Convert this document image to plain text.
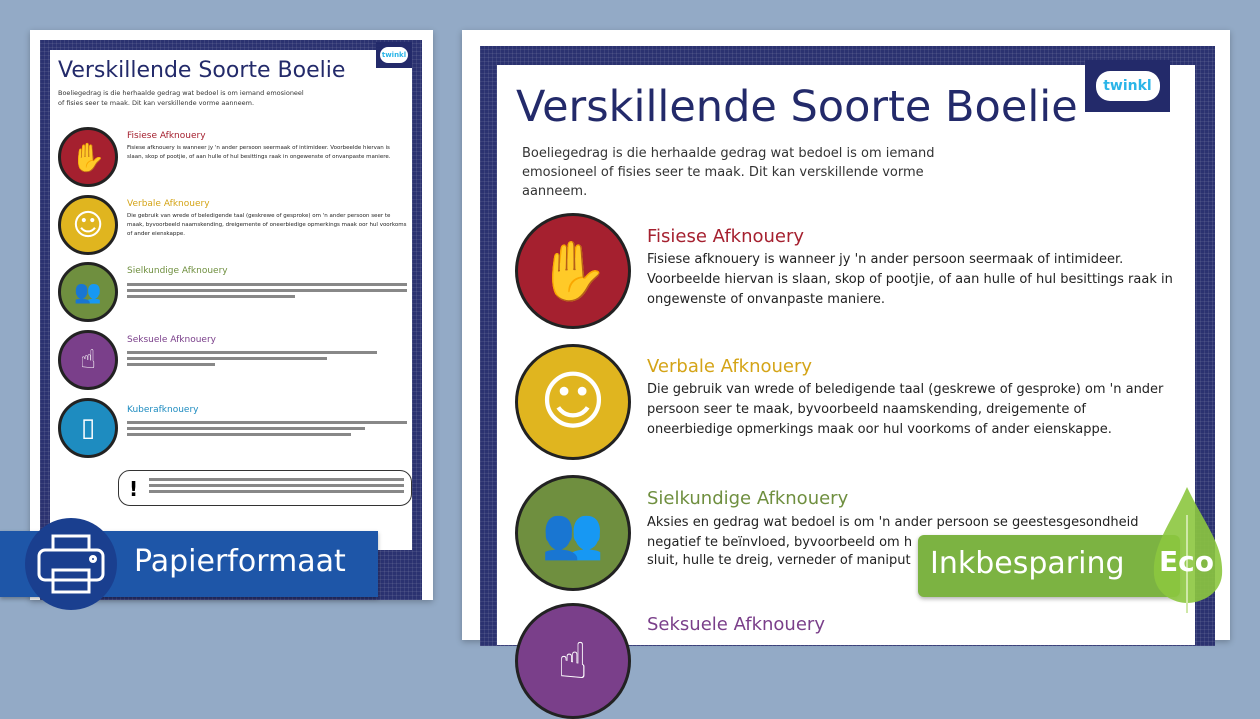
twinkl
Verskillende Soorte Boelie
Boeliegedrag is die herhaalde gedrag wat bedoel is om iemand emosioneel of fisies seer te maak. Dit kan verskillende vorme aanneem.
✋
Fisiese Afknouery
Fisiese afknouery is wanneer jy 'n ander persoon seermaak of intimideer. Voorbeelde hiervan is slaan, skop of pootjie, of aan hulle of hul besittings raak in ongewenste of onvanpaste maniere.
☺
Verbale Afknouery
Die gebruik van wrede of beledigende taal (geskrewe of gesproke) om 'n ander persoon seer te maak, byvoorbeeld naamskending, dreigemente of oneerbiedige opmerkings maak oor hul voorkoms of ander eienskappe.
👥
Sielkundige Afknouery
☝
Seksuele Afknouery
▯
Kuberafknouery
!
twinkl
Verskillende Soorte Boelie
Boeliegedrag is die herhaalde gedrag wat bedoel is om iemand emosioneel of fisies seer te maak. Dit kan verskillende vorme aanneem.
✋	Fisiese Afknouery
Fisiese afknouery is wanneer jy 'n ander persoon seermaak of intimideer. Voorbeelde hiervan is slaan, skop of pootjie, of aan hulle of hul besittings raak in ongewenste of onvanpaste maniere.
☺	Verbale Afknouery
Die gebruik van wrede of beledigende taal (geskrewe of gesproke) om 'n ander persoon seer te maak, byvoorbeeld naamskending, dreigemente of oneerbiedige opmerkings maak oor hul voorkoms of ander eienskappe.
👥
Sielkundige Afknouery
Aksies en gedrag wat bedoel is om 'n ander persoon se geestesgesondheid negatief te beïnvloed, byvoorbeeld om h
sluit, hulle te dreig, verneder of maniput
☝
Seksuele Afknouery
Papierformaat	Inkbesparing Eco
